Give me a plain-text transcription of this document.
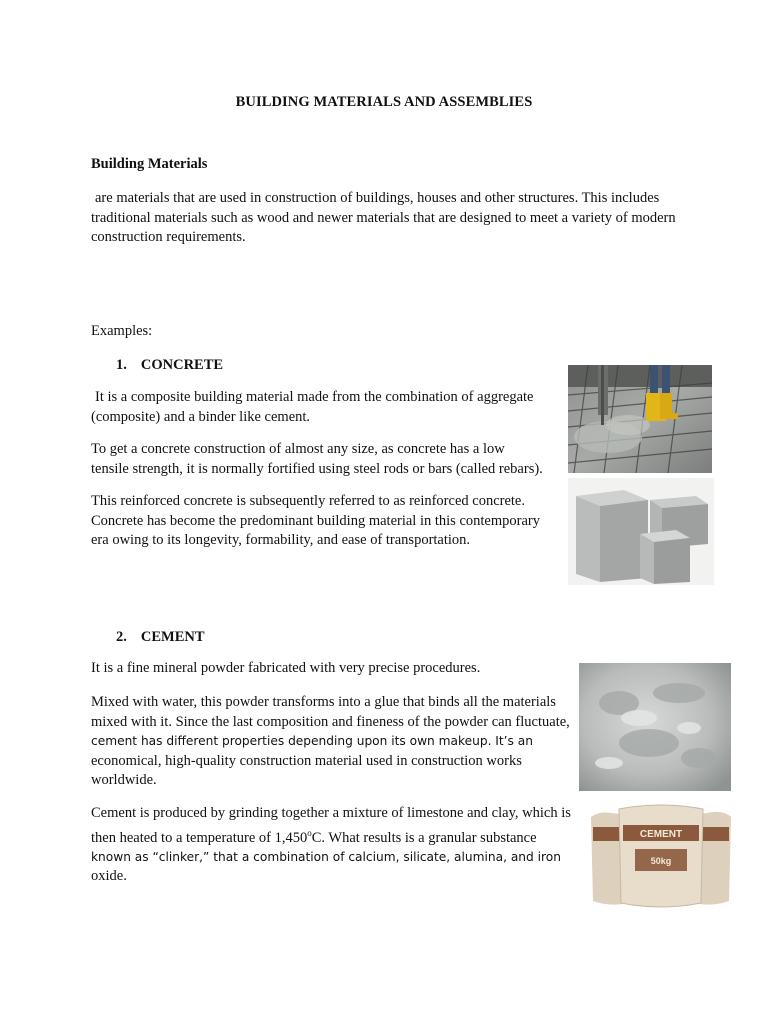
BUILDING MATERIALS AND ASSEMBLIES
Building Materials

are materials that are used in construction of buildings, houses and other structures. This includes traditional materials such as wood and newer materials that are designed to meet a variety of modern construction requirements.

Examples:
1. CONCRETE

It is a composite building material made from the combination of aggregate (composite) and a binder like cement.

To get a concrete construction of almost any size, as concrete has a low tensile strength, it is normally fortified using steel rods or bars (called rebars).

This reinforced concrete is subsequently referred to as reinforced concrete. Concrete has become the predominant building material in this contemporary era owing to its longevity, formability, and ease of transportation.

2. CEMENT

It is a fine mineral powder fabricated with very precise procedures.

Mixed with water, this powder transforms into a glue that binds all the materials mixed with it. Since the last composition and fineness of the powder can fluctuate,

cement has different properties depending upon its own makeup. It’s an

economical, high-quality construction material used in construction works worldwide.

Cement is produced by grinding together a mixture of limestone and clay, which is then heated to a temperature of 1,450$^o$C. What results is a granular substance

known as “clinker,” that a combination of calcium, silicate, alumina, and iron

oxide.

CEMENT
50kg
